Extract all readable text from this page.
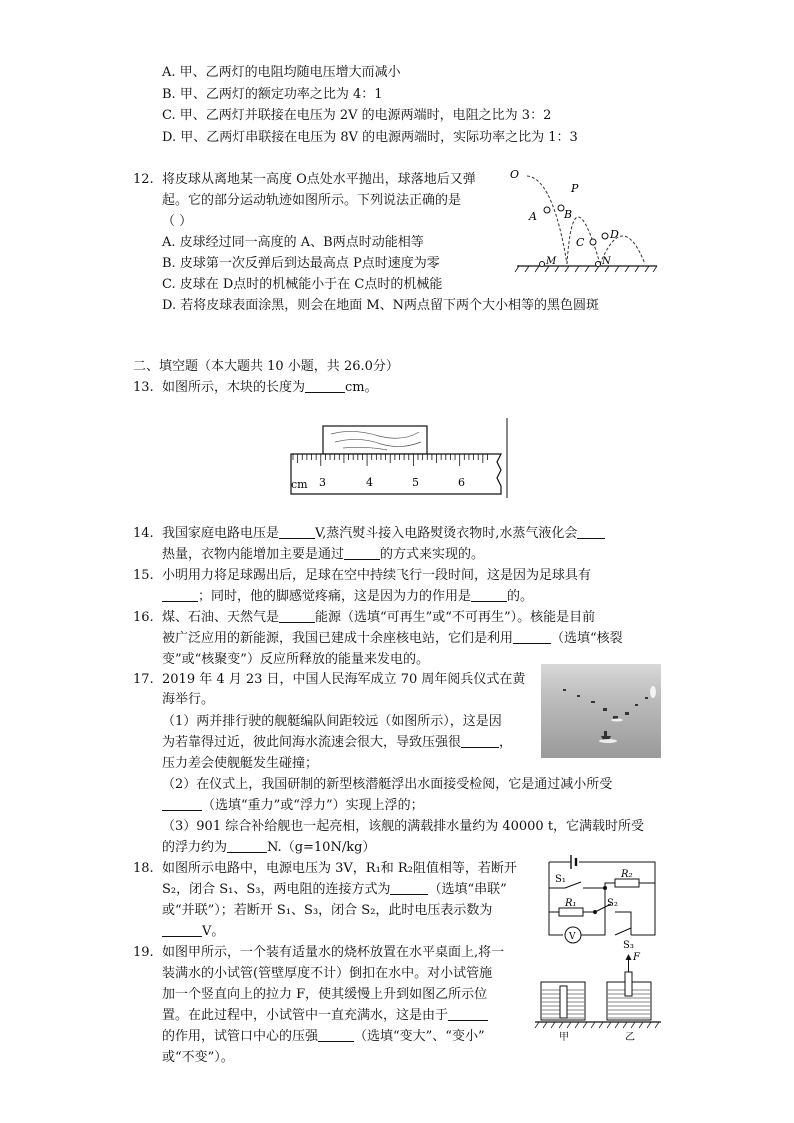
A. 甲、乙两灯的电阻均随电压增大而减小
B. 甲、乙两灯的额定功率之比为 4：1
C. 甲、乙两灯并联接在电压为 2V 的电源两端时，电阻之比为 3：2
D. 甲、乙两灯串联接在电压为 8V 的电源两端时，实际功率之比为 1：3
12. 将皮球从离地某一高度 O点处水平抛出，球落地后又弹
起。它的部分运动轨迹如图所示。下列说法正确的是
（ ）
A. 皮球经过同一高度的 A、B两点时动能相等
B. 皮球第一次反弹后到达最高点 P点时速度为零
C. 皮球在 D点时的机械能小于在 C点时的机械能
D. 若将皮球表面涂黑，则会在地面 M、N两点留下两个大小相等的黑色圆斑
O
P
A B
C
D
M	N
二、填空题（本大题共 10 小题，共 26.0分）
13. 如图所示，木块的长度为	cm。
cm 3	4	5	6
14. 我国家庭电路电压是	V,蒸汽熨斗接入电路熨烫衣物时,水蒸气液化会
热量，衣物内能增加主要是通过	的方式来实现的。
15. 小明用力将足球踢出后，足球在空中持续飞行一段时间，这是因为足球具有
；同时，他的脚感觉疼痛，这是因为力的作用是	的。
16. 煤、石油、天然气是	能源（选填“可再生”或“不可再生”）。核能是目前
被广泛应用的新能源，我国已建成十余座核电站，它们是利用	（选填“核裂
变”或“核聚变”）反应所释放的能量来发电的。
17. 2019 年 4 月 23 日，中国人民海军成立 70 周年阅兵仪式在黄
海举行。
（1）两并排行驶的舰艇编队间距较远（如图所示），这是因
为若靠得过近，彼此间海水流速会很大，导致压强很	，
压力差会使舰艇发生碰撞；
（2）在仪式上，我国研制的新型核潜艇浮出水面接受检阅，它是通过减小所受
（选填“重力”或“浮力”）实现上浮的；
（3）901 综合补给舰也一起亮相，该舰的满载排水量约为 40000 t，它满载时所受
的浮力约为	N.（g=10N/kg）
18. 如图所示电路中，电源电压为 3V，R₁和 R₂阻值相等，若断开
S₂，闭合 S₁、S₃，两电阻的连接方式为	（选填“串联”
或“并联”）；若断开 S₁、S₃，闭合 S₂，此时电压表示数为
V。	V
S₁	R₂
R₁	S₂
S₃
19. 如图甲所示，一个装有适量水的烧杯放置在水平桌面上,将一
装满水的小试管(管壁厚度不计）倒扣在水中。对小试管施
加一个竖直向上的拉力 F，使其缓慢上升到如图乙所示位
置。在此过程中，小试管中一直充满水，这是由于
的作用，试管口中心的压强	（选填“变大”、“变小”
或“不变”）。
F
甲	乙
